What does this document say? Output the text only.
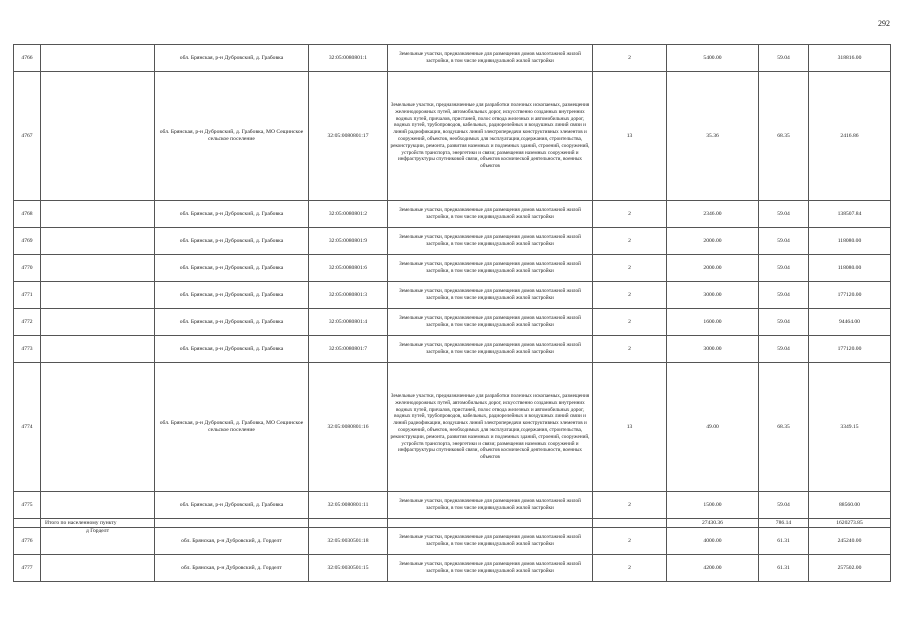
292
4766		обл. Брянская, р-н Дубровский, д. Грабовка	32:05:0080801:1	Земельные участки, предназначенные для размещения домов малоэтажной жилой застройки, в том числе индивидуальной жилой застройки	2	5400.00	59.04	318816.00
4767		обл. Брянская, р-н Дубровский, д. Грабовка, МО Сещинское сельское поселение	32:05:0080801:17	Земельные участки, предназначенные для разработки полезных ископаемых, размещения железнодорожных путей, автомобильных дорог, искусственно созданных внутренних водных путей, причалов, пристаней, полос отвода железных и автомобильных дорог, водных путей, трубопроводов, кабельных, радиорелейных и воздушных линий связи и линий радиофикации, воздушных линий электропередачи конструктивных элементов и сооружений, объектов, необходимых для эксплуатации,содержания, строительства, реконструкции, ремонта, развития наземных и подземных зданий, строений, сооружений, устройств транспорта, энергетики и связи; размещения наземных сооружений и инфраструктуры спутниковой связи, объектов космической деятельности, военных объектов	13	35.36	68.35	2416.86
4768		обл. Брянская, р-н Дубровский, д. Грабовка	32:05:0080801:2	Земельные участки, предназначенные для размещения домов малоэтажной жилой застройки, в том числе индивидуальной жилой застройки	2	2346.00	59.04	138507.84
4769		обл. Брянская, р-н Дубровский, д. Грабовка	32:05:0080801:9	Земельные участки, предназначенные для размещения домов малоэтажной жилой застройки, в том числе индивидуальной жилой застройки	2	2000.00	59.04	118080.00
4770		обл. Брянская, р-н Дубровский, д. Грабовка	32:05:0080801:6	Земельные участки, предназначенные для размещения домов малоэтажной жилой застройки, в том числе индивидуальной жилой застройки	2	2000.00	59.04	118080.00
4771		обл. Брянская, р-н Дубровский, д. Грабовка	32:05:0080801:3	Земельные участки, предназначенные для размещения домов малоэтажной жилой застройки, в том числе индивидуальной жилой застройки	2	3000.00	59.04	177120.00
4772		обл. Брянская, р-н Дубровский, д. Грабовка	32:05:0080801:4	Земельные участки, предназначенные для размещения домов малоэтажной жилой застройки, в том числе индивидуальной жилой застройки	2	1600.00	59.04	94464.00
4773		обл. Брянская, р-н Дубровский, д. Грабовка	32:05:0080801:7	Земельные участки, предназначенные для размещения домов малоэтажной жилой застройки, в том числе индивидуальной жилой застройки	2	3000.00	59.04	177120.00
4774		обл. Брянская, р-н Дубровский, д. Грабовка, МО Сещинское сельское поселение	32:05:0080801:16	Земельные участки, предназначенные для разработки полезных ископаемых, размещения железнодорожных путей, автомобильных дорог, искусственно созданных внутренних водных путей, причалов, пристаней, полос отвода железных и автомобильных дорог, водных путей, трубопроводов, кабельных, радиорелейных и воздушных линий связи и линий радиофикации, воздушных линий электропередачи конструктивных элементов и сооружений, объектов, необходимых для эксплуатации,содержания, строительства, реконструкции, ремонта, развития наземных и подземных зданий, строений, сооружений, устройств транспорта, энергетики и связи; размещения наземных сооружений и инфраструктуры спутниковой связи, объектов космической деятельности, военных объектов	13	49.00	68.35	3349.15
4775		обл. Брянская, р-н Дубровский, д. Грабовка	32:05:0080801:11	Земельные участки, предназначенные для размещения домов малоэтажной жилой застройки, в том числе индивидуальной жилой застройки	2	1500.00	59.04	88560.00
	Итого по населенному пункту					27430.36	786.14	1620273.85
4776	д Горделт	обл. Брянская, р-н Дубровский, д. Горделт	32:05:0030501:18	Земельные участки, предназначенные для размещения домов малоэтажной жилой застройки, в том числе индивидуальной жилой застройки	2	4000.00	61.31	245240.00
4777		обл. Брянская, р-н Дубровский, д. Горделт	32:05:0030501:15	Земельные участки, предназначенные для размещения домов малоэтажной жилой застройки, в том числе индивидуальной жилой застройки	2	4200.00	61.31	257502.00
